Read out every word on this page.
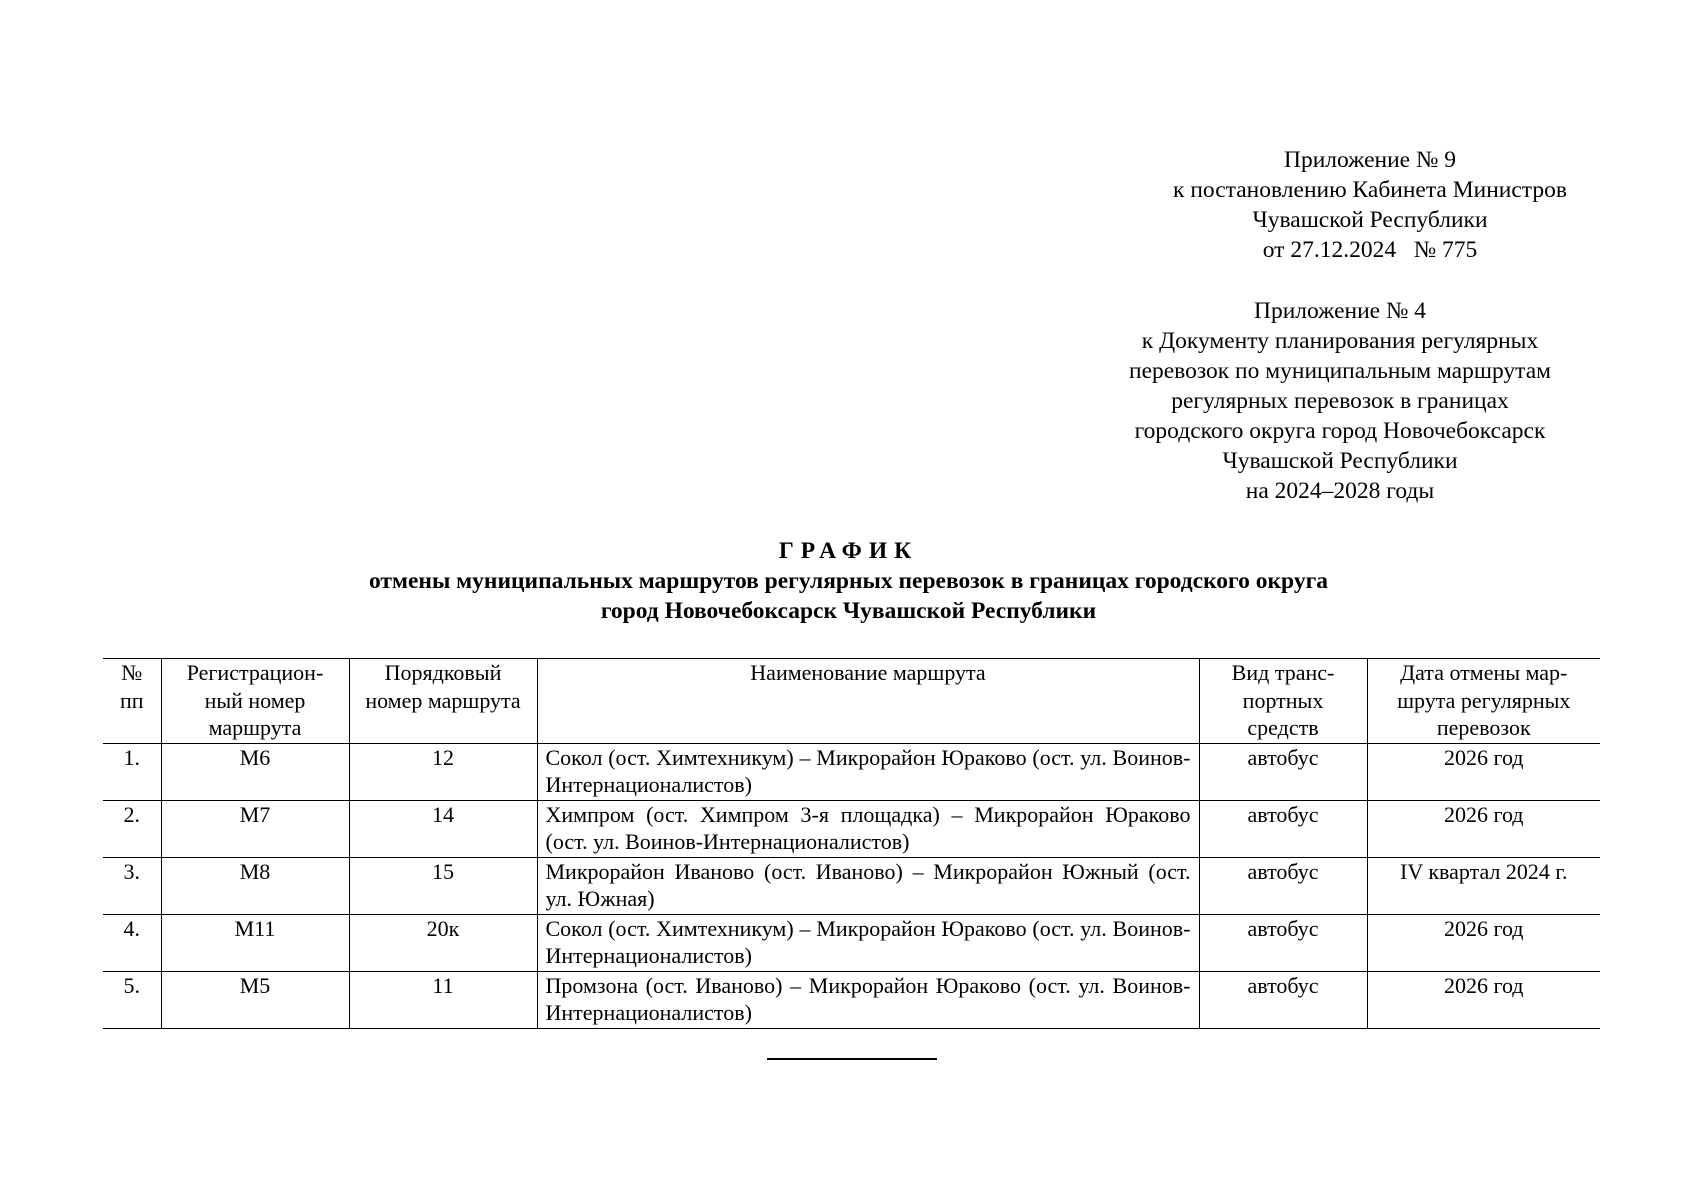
Приложение № 9
к постановлению Кабинета Министров
Чувашской Республики
от 27.12.2024   № 775
Приложение № 4
к Документу планирования регулярных
перевозок по муниципальным маршрутам
регулярных перевозок в границах
городского округа город Новочебоксарск
Чувашской Республики
на 2024–2028 годы
ГРАФИК
отмены муниципальных маршрутов регулярных перевозок в границах городского округа
город Новочебоксарск Чувашской Республики
№ пп	Регистрацион-ный номер маршрута	Порядковый номер маршрута	Наименование маршрута	Вид транс-портных средств	Дата отмены мар-шрута регулярных перевозок
1.	М6	12	Сокол (ост. Химтехникум) – Микрорайон Юраково (ост. ул. Воинов-Интернационалистов)	автобус	2026 год
2.	М7	14	Химпром (ост. Химпром 3-я площадка) – Микрорайон Юраково (ост. ул. Воинов-Интернационалистов)	автобус	2026 год
3.	М8	15	Микрорайон Иваново (ост. Иваново) – Микрорайон Южный (ост. ул. Южная)	автобус	IV квартал 2024 г.
4.	М11	20к	Сокол (ост. Химтехникум) – Микрорайон Юраково (ост. ул. Воинов-Интернационалистов)	автобус	2026 год
5.	М5	11	Промзона (ост. Иваново) – Микрорайон Юраково (ост. ул. Воинов-Интернационалистов)	автобус	2026 год
